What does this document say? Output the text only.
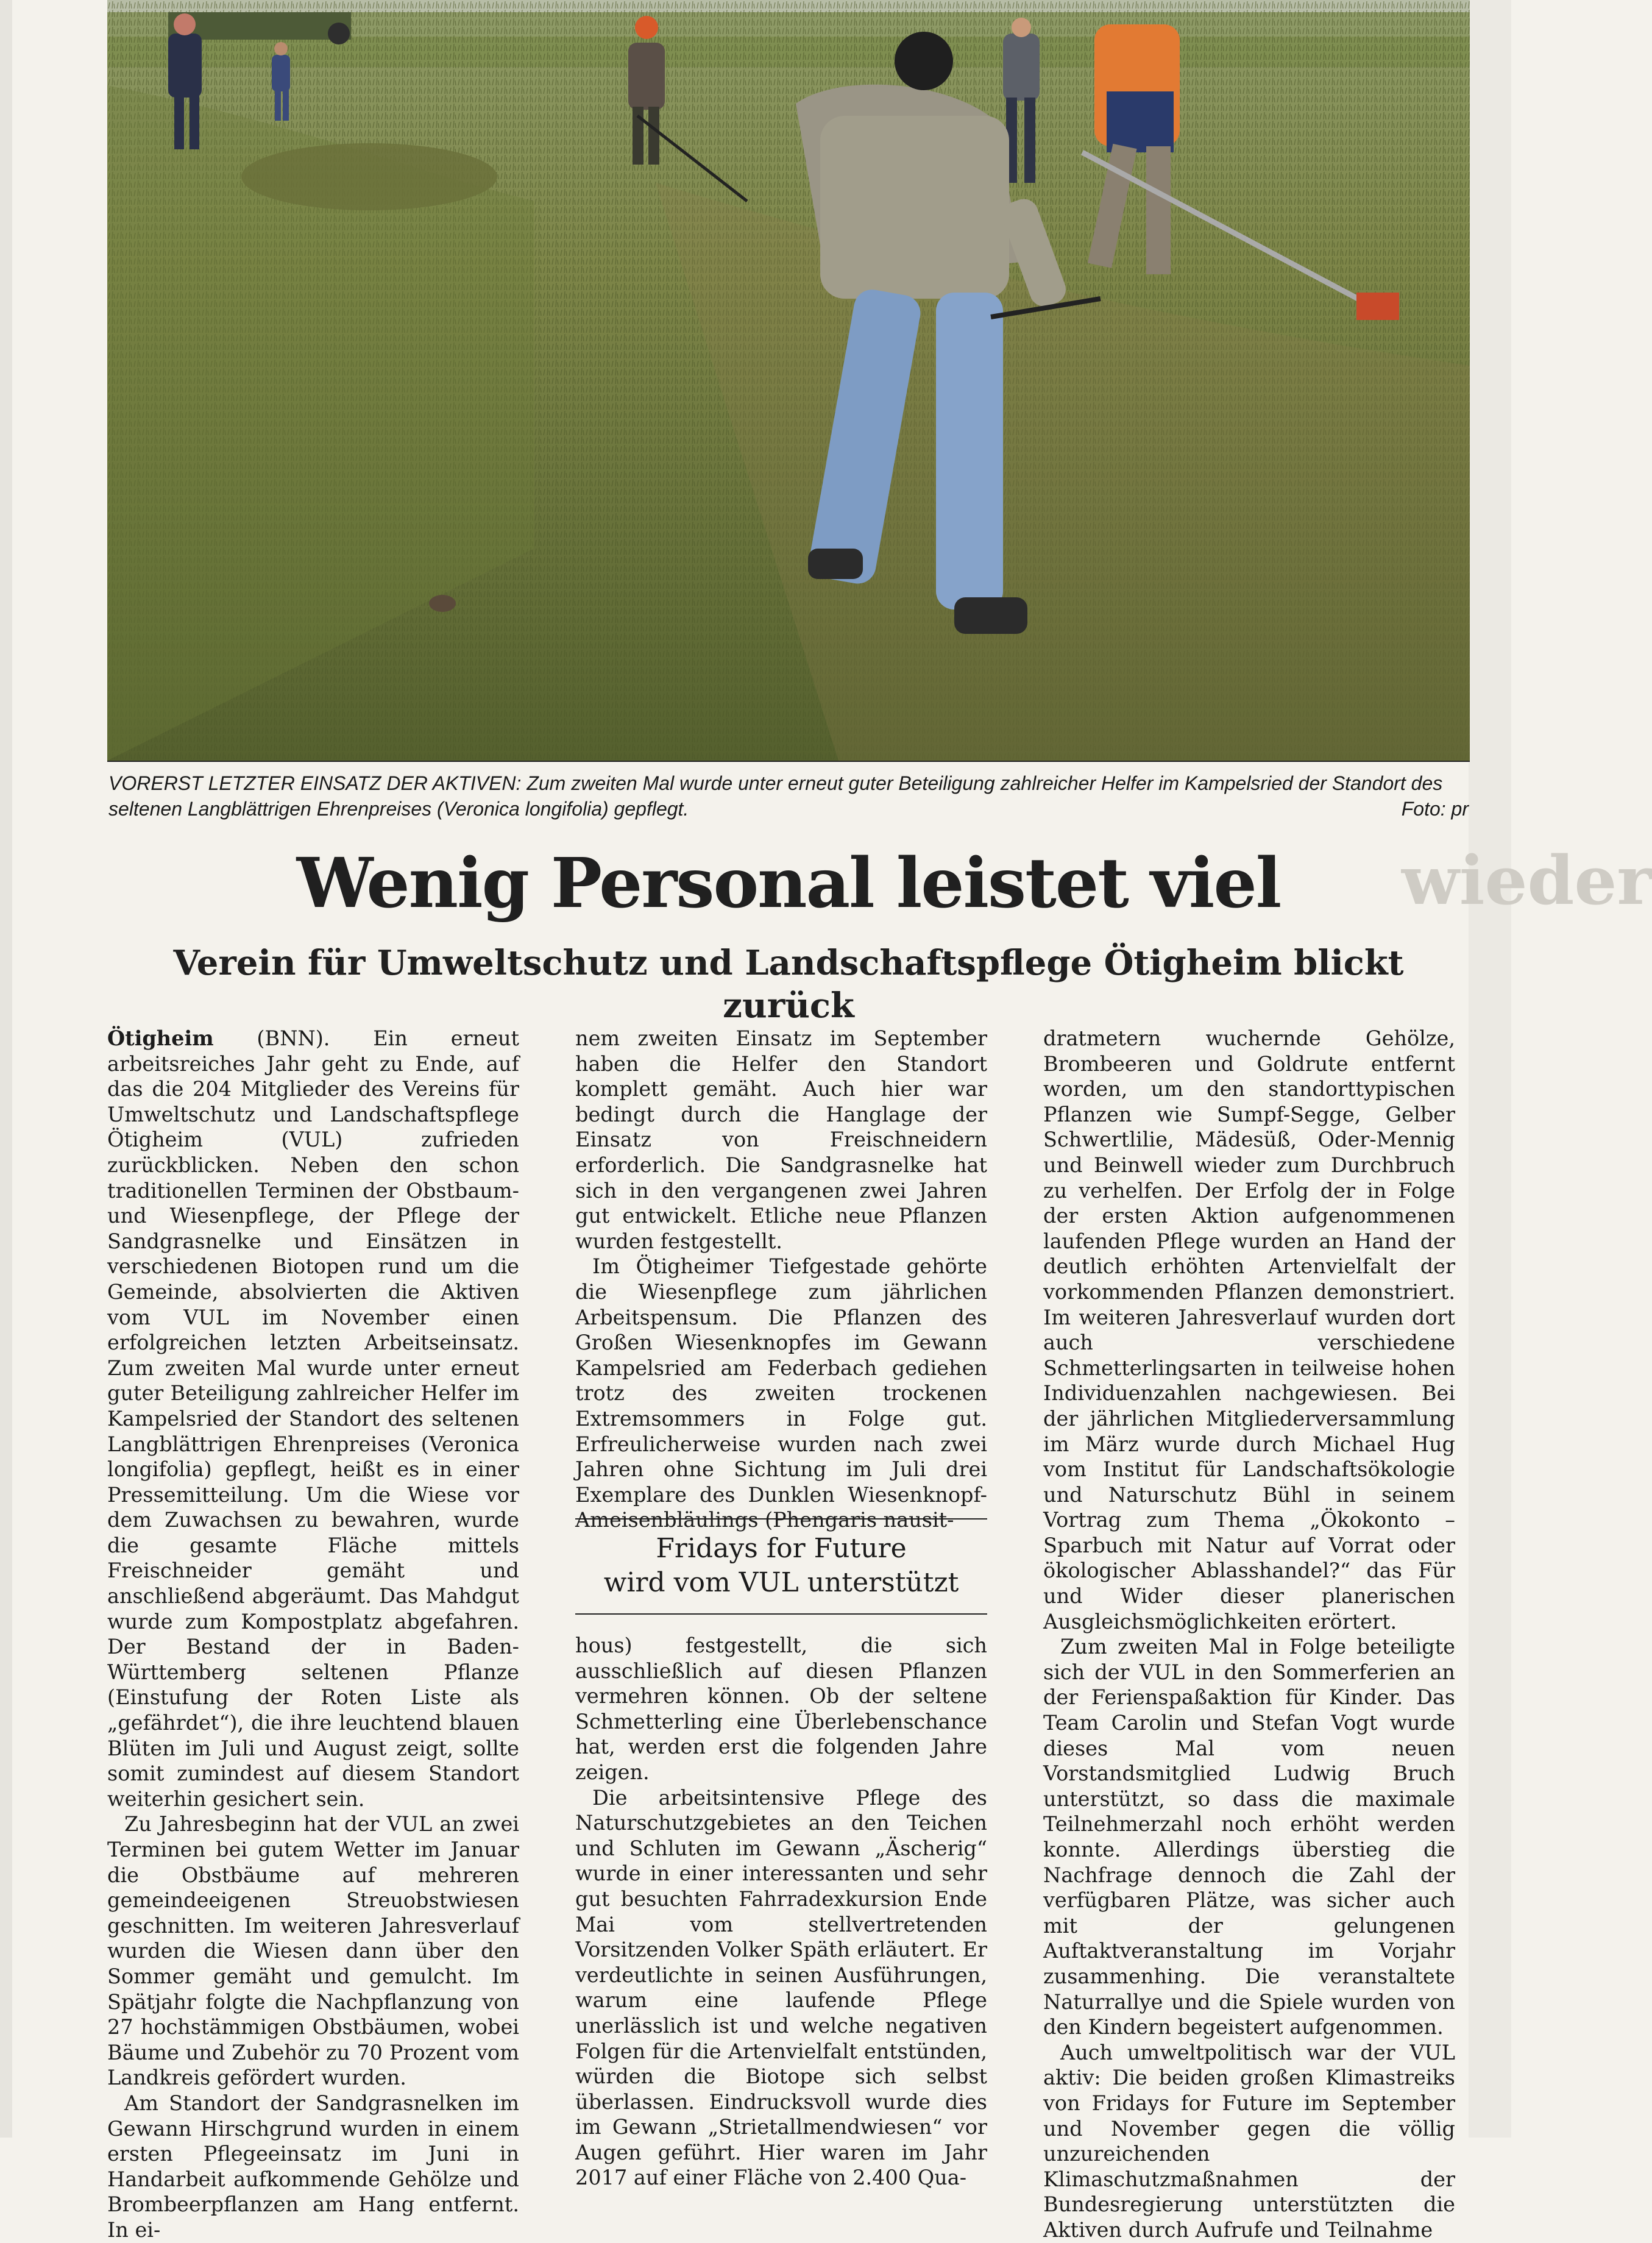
wieder
VORERST LETZTER EINSATZ DER AKTIVEN: Zum zweiten Mal wurde unter erneut guter Beteiligung zahlreicher Helfer im Kampelsried der Standort des seltenen Langblättrigen Ehrenpreises (Veronica longifolia) gepflegt.	Foto: pr
Wenig Personal leistet viel
Verein für Umweltschutz und Landschaftspflege Ötigheim blickt zurück

Ötigheim (BNN). Ein erneut arbeitsreiches Jahr geht zu Ende, auf das die 204 Mitglieder des Vereins für Umweltschutz und Landschaftspflege Ötigheim (VUL) zufrieden zurückblicken. Neben den schon traditionellen Terminen der Obstbaum- und Wiesenpflege, der Pflege der Sandgrasnelke und Einsätzen in verschiedenen Biotopen rund um die Gemeinde, absolvierten die Aktiven vom VUL im November einen erfolgreichen letzten Arbeitseinsatz. Zum zweiten Mal wurde unter erneut guter Beteiligung zahlreicher Helfer im Kampelsried der Standort des seltenen Langblättrigen Ehrenpreises (Veronica longifolia) gepflegt, heißt es in einer Pressemitteilung. Um die Wiese vor dem Zuwachsen zu bewahren, wurde die gesamte Fläche mittels Freischneider gemäht und anschließend abgeräumt. Das Mahdgut wurde zum Kompostplatz abgefahren. Der Bestand der in Baden-Württemberg seltenen Pflanze (Einstufung der Roten Liste als „gefährdet“), die ihre leuchtend blauen Blüten im Juli und August zeigt, sollte somit zumindest auf diesem Standort weiterhin gesichert sein.

Zu Jahresbeginn hat der VUL an zwei Terminen bei gutem Wetter im Januar die Obstbäume auf mehreren gemeindeeigenen Streuobstwiesen geschnitten. Im weiteren Jahresverlauf wurden die Wiesen dann über den Sommer gemäht und gemulcht. Im Spätjahr folgte die Nachpflanzung von 27 hochstämmigen Obstbäumen, wobei Bäume und Zubehör zu 70 Prozent vom Landkreis gefördert wurden.

Am Standort der Sandgrasnelken im Gewann Hirschgrund wurden in einem ersten Pflegeeinsatz im Juni in Handarbeit aufkommende Gehölze und Brombeerpflanzen am Hang entfernt. In ei-

nem zweiten Einsatz im September haben die Helfer den Standort komplett gemäht. Auch hier war bedingt durch die Hanglage der Einsatz von Freischneidern erforderlich. Die Sandgrasnelke hat sich in den vergangenen zwei Jahren gut entwickelt. Etliche neue Pflanzen wurden festgestellt.

Im Ötigheimer Tiefgestade gehörte die Wiesenpflege zum jährlichen Arbeitspensum. Die Pflanzen des Großen Wiesenknopfes im Gewann Kampelsried am Federbach gediehen trotz des zweiten trockenen Extremsommers in Folge gut. Erfreulicherweise wurden nach zwei Jahren ohne Sichtung im Juli drei Exemplare des Dunklen Wiesenknopf-Ameisenbläulings (Phengaris nausit-

Fridays for Future
wird vom VUL unterstützt

hous) festgestellt, die sich ausschließlich auf diesen Pflanzen vermehren können. Ob der seltene Schmetterling eine Überlebenschance hat, werden erst die folgenden Jahre zeigen.

Die arbeitsintensive Pflege des Naturschutzgebietes an den Teichen und Schluten im Gewann „Äscherig“ wurde in einer interessanten und sehr gut besuchten Fahrradexkursion Ende Mai vom stellvertretenden Vorsitzenden Volker Späth erläutert. Er verdeutlichte in seinen Ausführungen, warum eine laufende Pflege unerlässlich ist und welche negativen Folgen für die Artenvielfalt entstünden, würden die Biotope sich selbst überlassen. Eindrucksvoll wurde dies im Gewann „Strietallmendwiesen“ vor Augen geführt. Hier waren im Jahr 2017 auf einer Fläche von 2.400 Qua-

dratmetern wuchernde Gehölze, Brombeeren und Goldrute entfernt worden, um den standorttypischen Pflanzen wie Sumpf-Segge, Gelber Schwertlilie, Mädesüß, Oder-Mennig und Beinwell wieder zum Durchbruch zu verhelfen. Der Erfolg der in Folge der ersten Aktion aufgenommenen laufenden Pflege wurden an Hand der deutlich erhöhten Artenvielfalt der vorkommenden Pflanzen demonstriert. Im weiteren Jahresverlauf wurden dort auch verschiedene Schmetterlingsarten in teilweise hohen Individuenzahlen nachgewiesen. Bei der jährlichen Mitgliederversammlung im März wurde durch Michael Hug vom Institut für Landschaftsökologie und Naturschutz Bühl in seinem Vortrag zum Thema „Ökokonto – Sparbuch mit Natur auf Vorrat oder ökologischer Ablasshandel?“ das Für und Wider dieser planerischen Ausgleichsmöglichkeiten erörtert.

Zum zweiten Mal in Folge beteiligte sich der VUL in den Sommerferien an der Ferienspaßaktion für Kinder. Das Team Carolin und Stefan Vogt wurde dieses Mal vom neuen Vorstandsmitglied Ludwig Bruch unterstützt, so dass die maximale Teilnehmerzahl noch erhöht werden konnte. Allerdings überstieg die Nachfrage dennoch die Zahl der verfügbaren Plätze, was sicher auch mit der gelungenen Auftaktveranstaltung im Vorjahr zusammenhing. Die veranstaltete Naturrallye und die Spiele wurden von den Kindern begeistert aufgenommen.

Auch umweltpolitisch war der VUL aktiv: Die beiden großen Klimastreiks von Fridays for Future im September und November gegen die völlig unzureichenden Klimaschutzmaßnahmen der Bundesregierung unterstützten die Aktiven durch Aufrufe und Teilnahme
